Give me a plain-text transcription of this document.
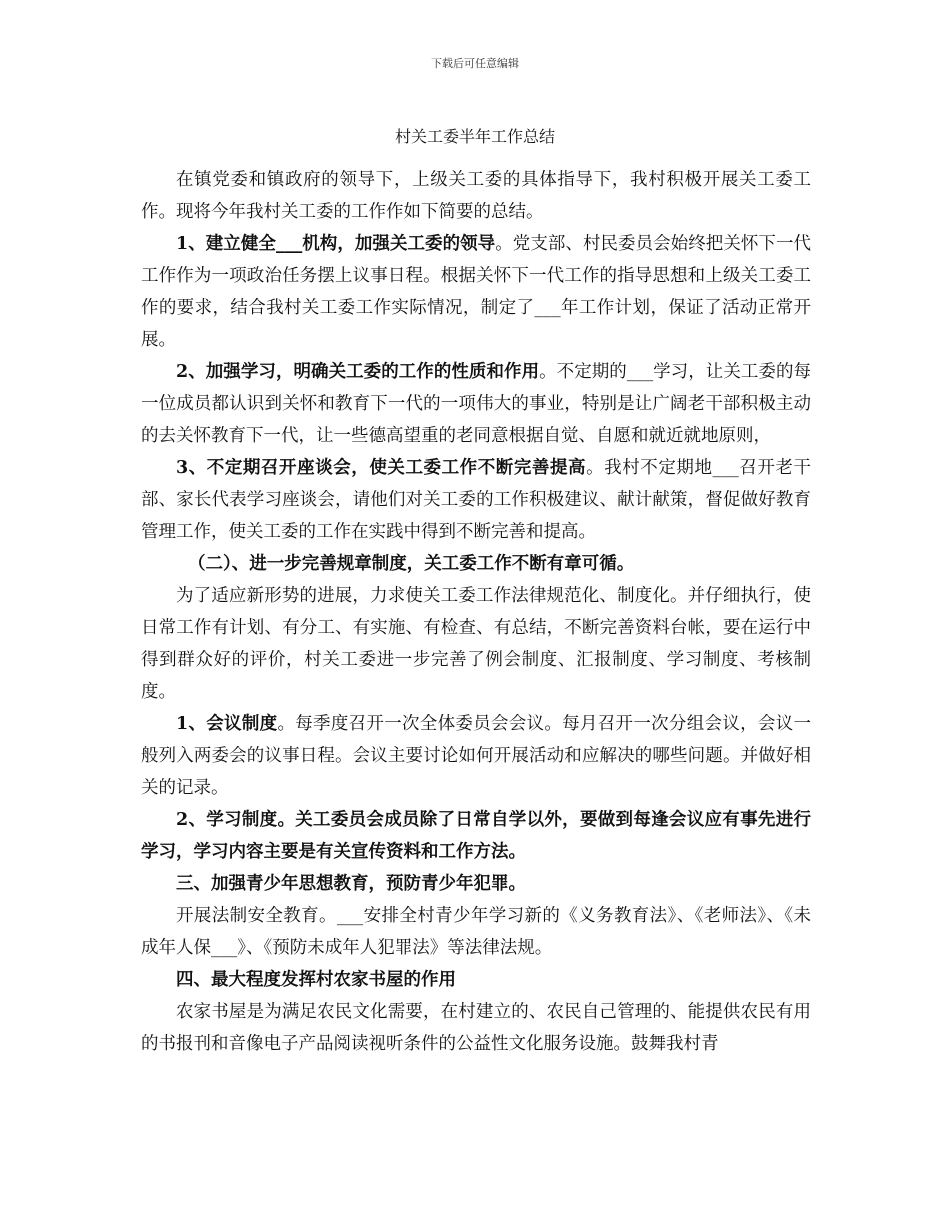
下载后可任意编辑
村关工委半年工作总结

在镇党委和镇政府的领导下，上级关工委的具体指导下，我村积极开展关工委工作。现将今年我村关工委的工作作如下简要的总结。

1、建立健全___机构，加强关工委的领导。党支部、村民委员会始终把关怀下一代工作作为一项政治任务摆上议事日程。根据关怀下一代工作的指导思想和上级关工委工作的要求，结合我村关工委工作实际情况，制定了___年工作计划，保证了活动正常开展。

2、加强学习，明确关工委的工作的性质和作用。不定期的___学习，让关工委的每一位成员都认识到关怀和教育下一代的一项伟大的事业，特别是让广阔老干部积极主动的去关怀教育下一代，让一些德高望重的老同意根据自觉、自愿和就近就地原则，

3、不定期召开座谈会，使关工委工作不断完善提高。我村不定期地___召开老干部、家长代表学习座谈会，请他们对关工委的工作积极建议、献计献策，督促做好教育管理工作，使关工委的工作在实践中得到不断完善和提高。

（二）、进一步完善规章制度，关工委工作不断有章可循。

为了适应新形势的进展，力求使关工委工作法律规范化、制度化。并仔细执行，使日常工作有计划、有分工、有实施、有检查、有总结，不断完善资料台帐，要在运行中得到群众好的评价，村关工委进一步完善了例会制度、汇报制度、学习制度、考核制度。

1、会议制度。每季度召开一次全体委员会会议。每月召开一次分组会议，会议一般列入两委会的议事日程。会议主要讨论如何开展活动和应解决的哪些问题。并做好相关的记录。

2、学习制度。关工委员会成员除了日常自学以外，要做到每逢会议应有事先进行学习，学习内容主要是有关宣传资料和工作方法。

三、加强青少年思想教育，预防青少年犯罪。

开展法制安全教育。___安排全村青少年学习新的《义务教育法》、《老师法》、《未成年人保___》、《预防未成年人犯罪法》等法律法规。

四、最大程度发挥村农家书屋的作用

农家书屋是为满足农民文化需要，在村建立的、农民自己管理的、能提供农民有用的书报刊和音像电子产品阅读视听条件的公益性文化服务设施。鼓舞我村青
